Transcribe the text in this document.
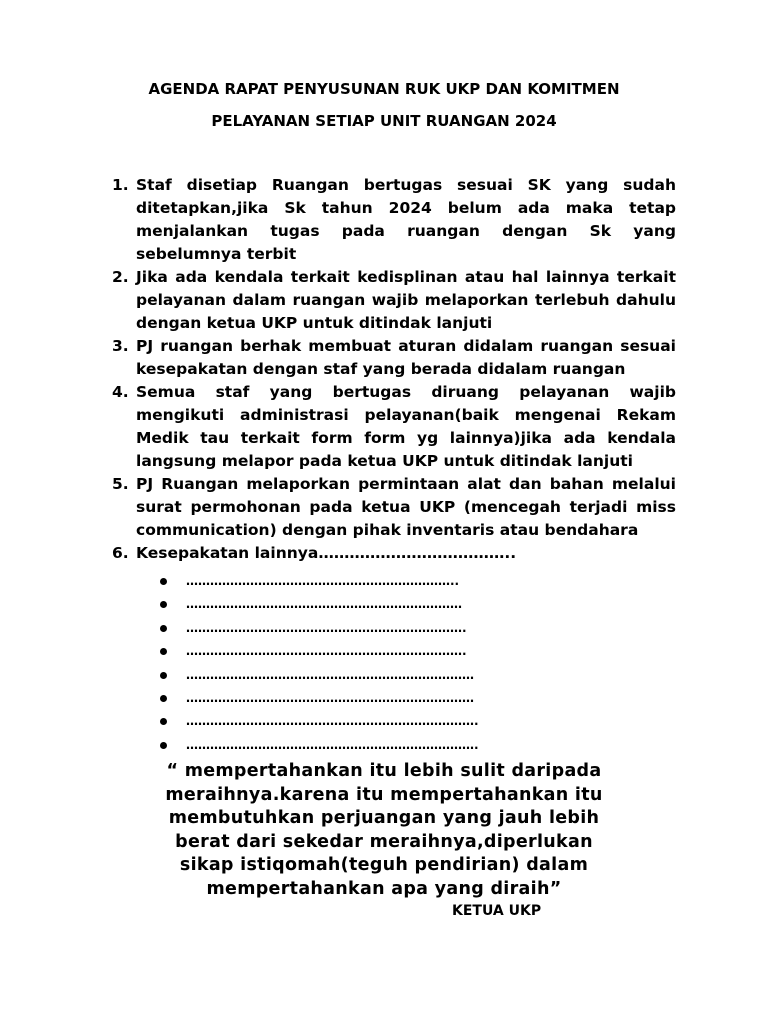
AGENDA RAPAT PENYUSUNAN RUK UKP DAN KOMITMEN
PELAYANAN SETIAP UNIT RUANGAN 2024
1. Staf disetiap Ruangan bertugas sesuai SK yang sudah ditetapkan,jika Sk tahun 2024 belum ada maka tetap menjalankan tugas pada ruangan dengan Sk yang sebelumnya terbit
2. Jika ada kendala terkait kedisplinan atau hal lainnya terkait pelayanan dalam ruangan wajib melaporkan terlebuh dahulu dengan ketua UKP untuk ditindak lanjuti
3. PJ ruangan berhak membuat aturan didalam ruangan sesuai kesepakatan dengan staf yang berada didalam ruangan
4. Semua staf yang bertugas diruang pelayanan wajib mengikuti administrasi pelayanan(baik mengenai Rekam Medik tau terkait form form yg lainnya)jika ada kendala langsung melapor pada ketua UKP untuk ditindak lanjuti
5. PJ Ruangan melaporkan permintaan alat dan bahan melalui surat permohonan pada ketua UKP (mencegah terjadi miss communication) dengan pihak inventaris atau bendahara
6. Kesepakatan lainnya………………………………..
…………………………………………………………..
……………………………………………………………
…………………………………………………………….
…………………………………………………………….
………………………………………………………………
………………………………………………………………
……………………………………………………………….
……………………………………………………………….

“ mempertahankan itu lebih sulit daripada meraihnya.karena itu mempertahankan itu membutuhkan perjuangan yang jauh lebih berat dari sekedar meraihnya,diperlukan sikap istiqomah(teguh pendirian) dalam mempertahankan apa yang diraih”

KETUA UKP
